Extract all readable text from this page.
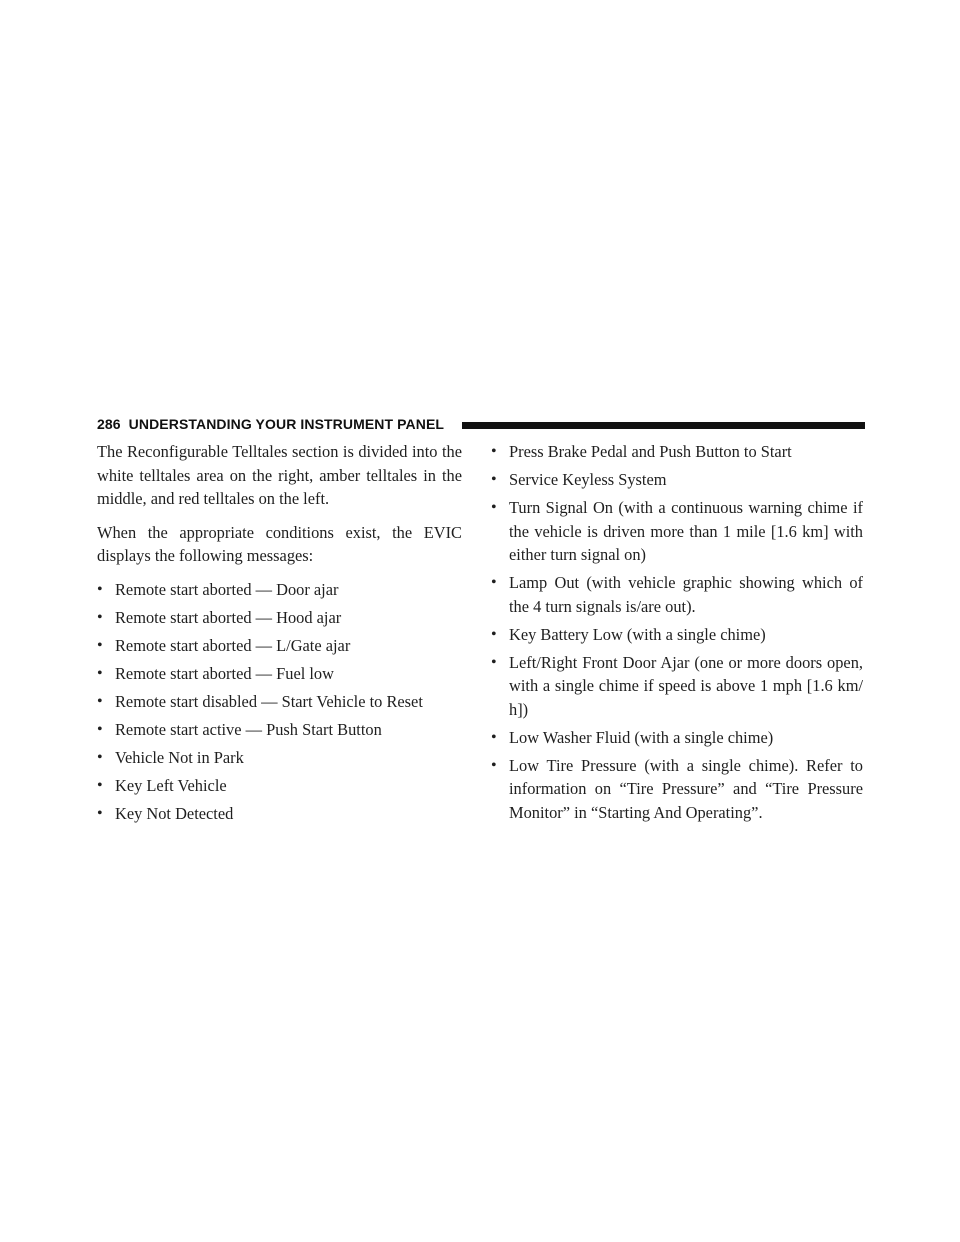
286 UNDERSTANDING YOUR INSTRUMENT PANEL

The Reconfigurable Telltales section is divided into the white telltales area on the right, amber telltales in the middle, and red telltales on the left.

When the appropriate conditions exist, the EVIC displays the following messages:

• Remote start aborted — Door ajar
• Remote start aborted — Hood ajar
• Remote start aborted — L/Gate ajar
• Remote start aborted — Fuel low
• Remote start disabled — Start Vehicle to Reset
• Remote start active — Push Start Button
• Vehicle Not in Park
• Key Left Vehicle
• Key Not Detected
• Press Brake Pedal and Push Button to Start
• Service Keyless System
• Turn Signal On (with a continuous warning chime if the vehicle is driven more than 1 mile [1.6 km] with either turn signal on)
• Lamp Out (with vehicle graphic showing which of the 4 turn signals is/are out).
• Key Battery Low (with a single chime)
• Left/Right Front Door Ajar (one or more doors open, with a single chime if speed is above 1 mph [1.6 km/ h])
• Low Washer Fluid (with a single chime)
• Low Tire Pressure (with a single chime). Refer to information on “Tire Pressure” and “Tire Pressure Monitor” in “Starting And Operating”.
